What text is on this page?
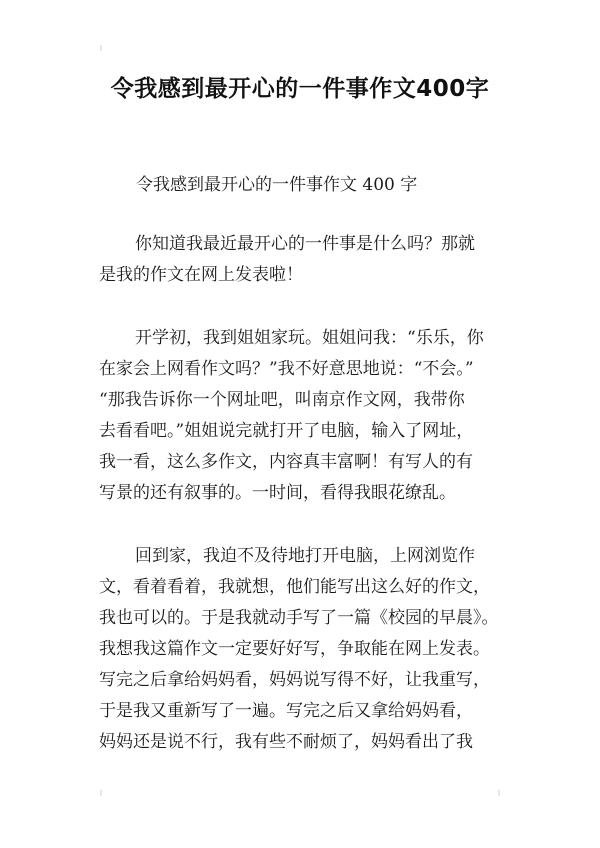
令我感到最开心的一件事作文400字
令我感到最开心的一件事作文 400 字
你知道我最近最开心的一件事是什么吗？那就
是我的作文在网上发表啦！
开学初，我到姐姐家玩。姐姐问我：“乐乐，你
在家会上网看作文吗？”我不好意思地说：“不会。”
“那我告诉你一个网址吧，叫南京作文网，我带你
去看看吧。”姐姐说完就打开了电脑，输入了网址，
我一看，这么多作文，内容真丰富啊！有写人的有
写景的还有叙事的。一时间，看得我眼花缭乱。
回到家，我迫不及待地打开电脑，上网浏览作
文，看着看着，我就想，他们能写出这么好的作文，
我也可以的。于是我就动手写了一篇《校园的早晨》。
我想我这篇作文一定要好好写，争取能在网上发表。
写完之后拿给妈妈看，妈妈说写得不好，让我重写，
于是我又重新写了一遍。写完之后又拿给妈妈看，
妈妈还是说不行，我有些不耐烦了，妈妈看出了我
